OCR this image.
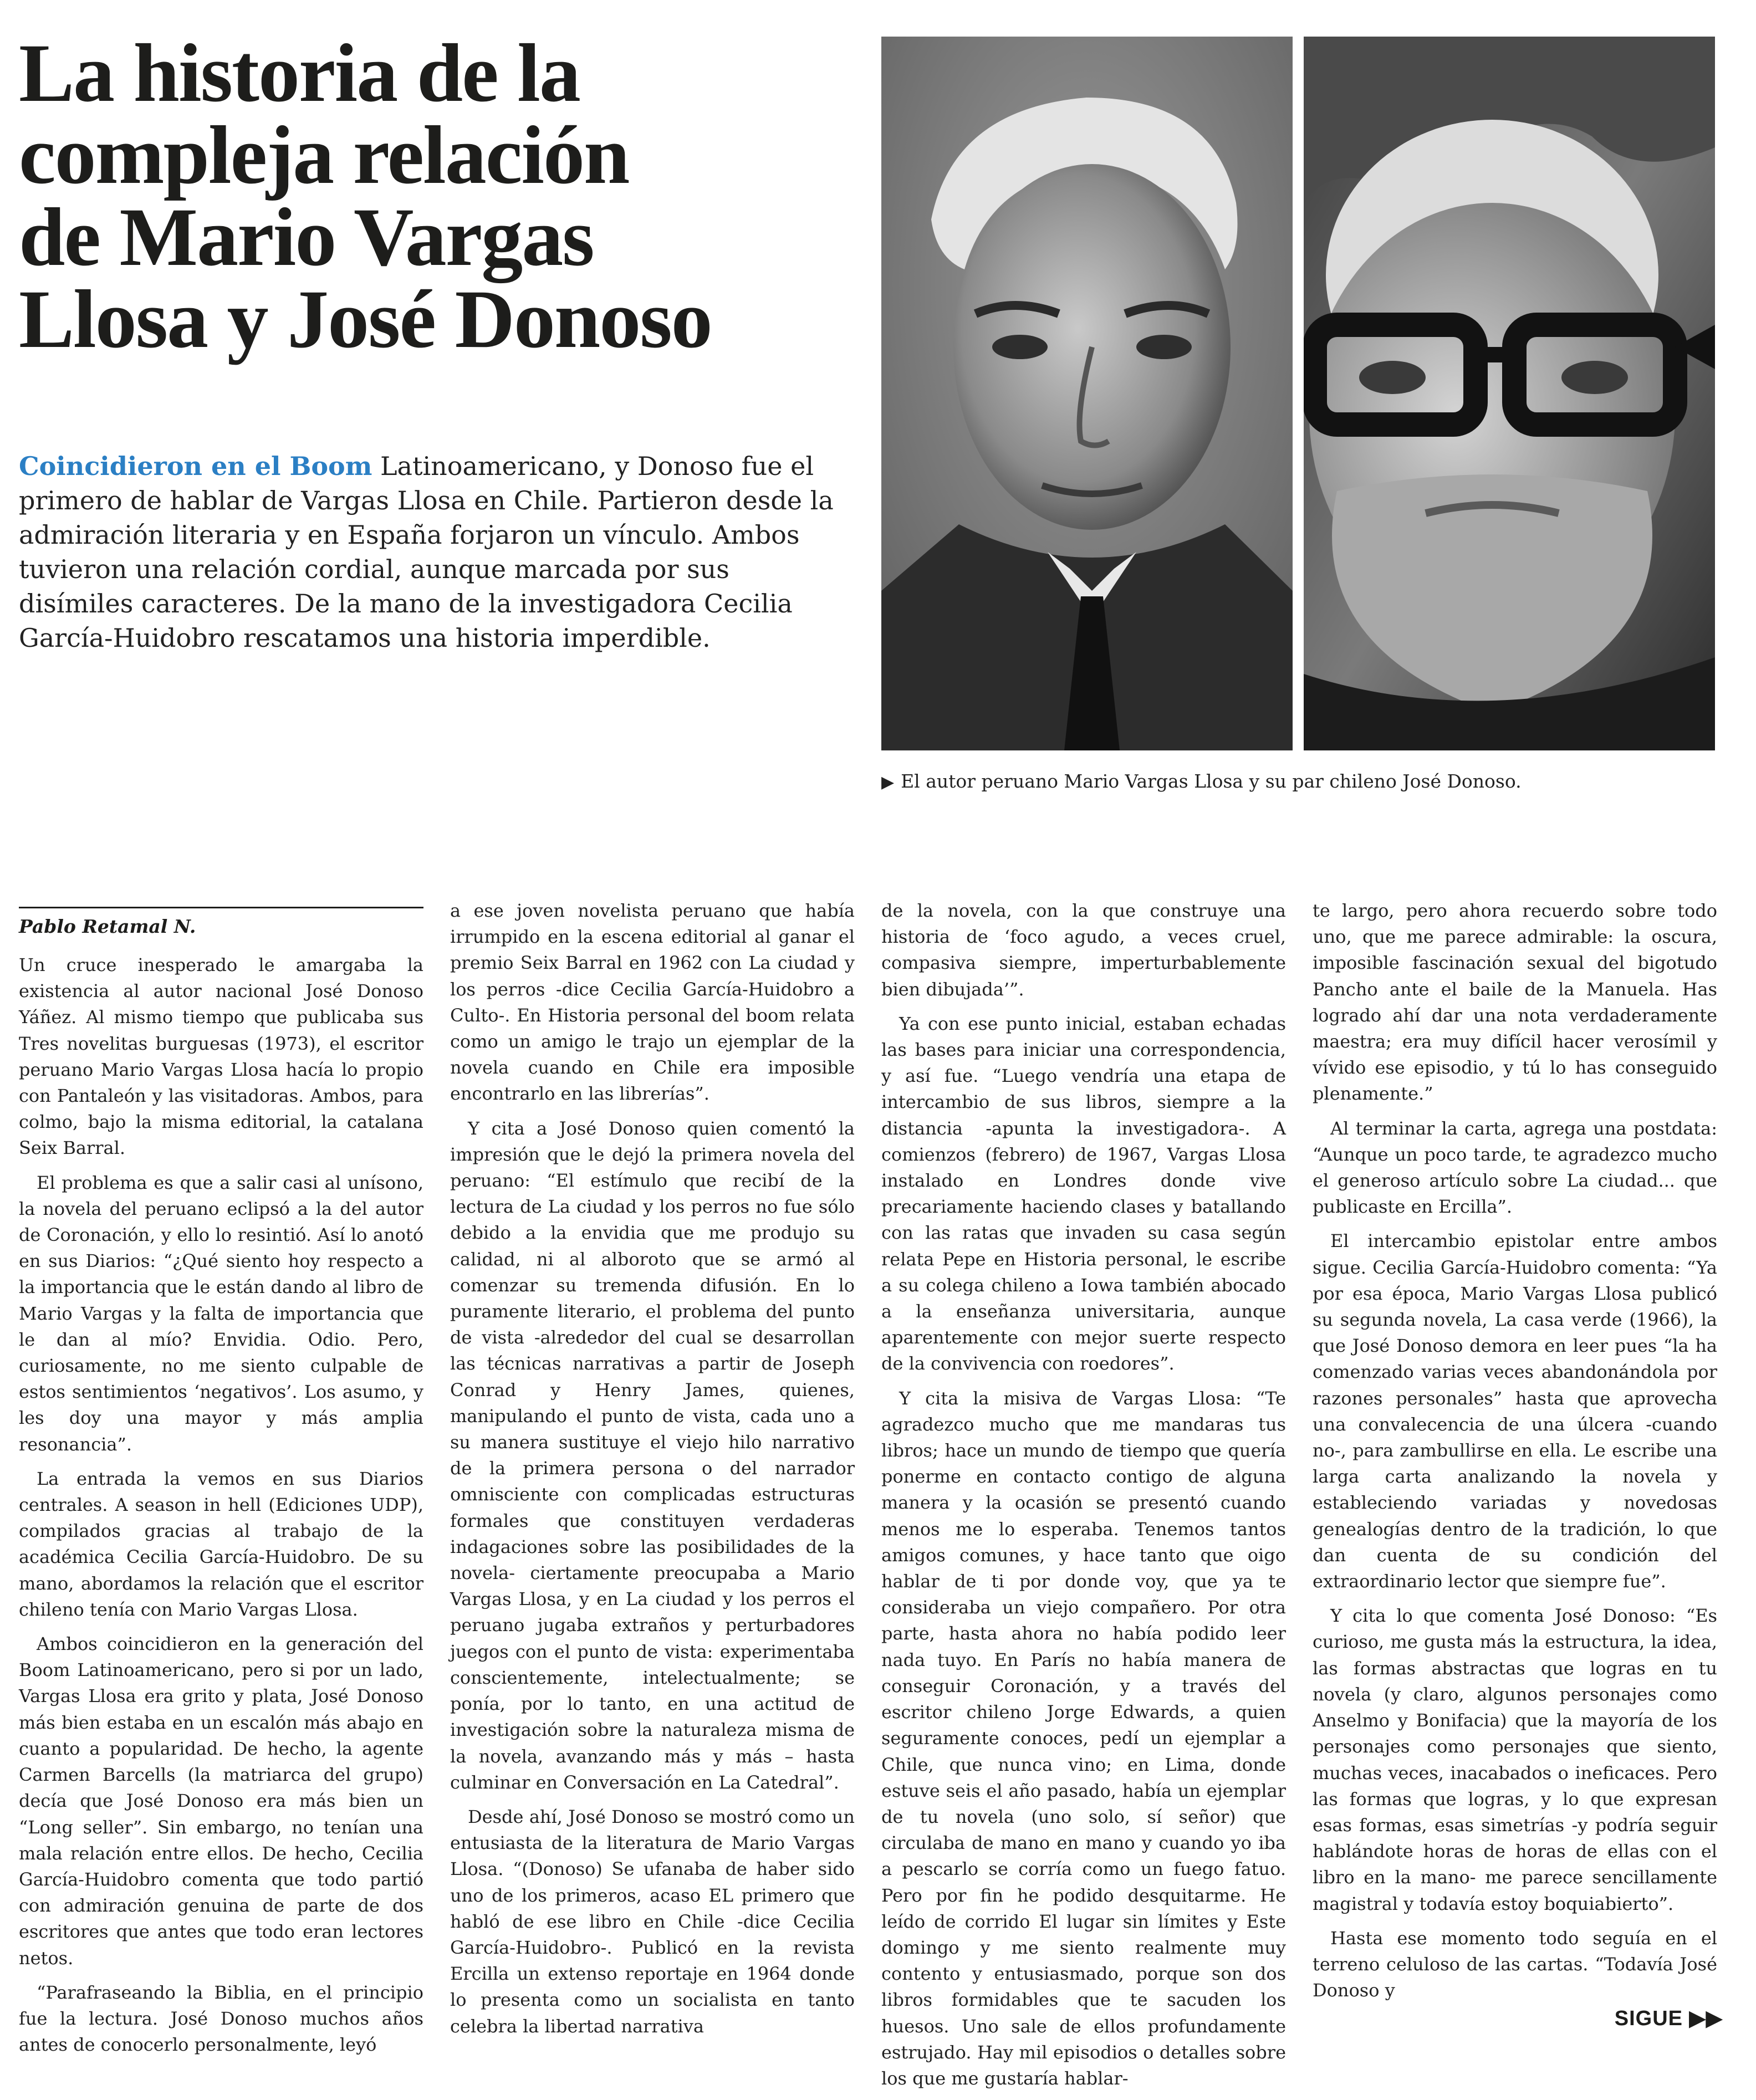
La historia de la
compleja relación
de Mario Vargas
Llosa y José Donoso
Coincidieron en el Boom Latinoamericano, y Donoso fue el
primero de hablar de Vargas Llosa en Chile. Partieron desde la
admiración literaria y en España forjaron un vínculo. Ambos
tuvieron una relación cordial, aunque marcada por sus
disímiles caracteres. De la mano de la investigadora Cecilia
García-Huidobro rescatamos una historia imperdible.
▶ El autor peruano Mario Vargas Llosa y su par chileno José Donoso.
Pablo Retamal N.

Un cruce inesperado le amargaba la existencia al autor nacional José Donoso Yáñez. Al mismo tiempo que publicaba sus Tres novelitas burguesas (1973), el escritor peruano Mario Vargas Llosa hacía lo propio con Pantaleón y las visitadoras. Ambos, para colmo, bajo la misma editorial, la catalana Seix Barral.

El problema es que a salir casi al unísono, la novela del peruano eclipsó a la del autor de Coronación, y ello lo resintió. Así lo anotó en sus Diarios: “¿Qué siento hoy respecto a la importancia que le están dando al libro de Mario Vargas y la falta de importancia que le dan al mío? Envidia. Odio. Pero, curiosamente, no me siento culpable de estos sentimientos ‘negativos’. Los asumo, y les doy una mayor y más amplia resonancia”.

La entrada la vemos en sus Diarios centrales. A season in hell (Ediciones UDP), compilados gracias al trabajo de la académica Cecilia García-Huidobro. De su mano, abordamos la relación que el escritor chileno tenía con Mario Vargas Llosa.

Ambos coincidieron en la generación del Boom Latinoamericano, pero si por un lado, Vargas Llosa era grito y plata, José Donoso más bien estaba en un escalón más abajo en cuanto a popularidad. De hecho, la agente Carmen Barcells (la matriarca del grupo) decía que José Donoso era más bien un “Long seller”. Sin embargo, no tenían una mala relación entre ellos. De hecho, Cecilia García-Huidobro comenta que todo partió con admiración genuina de parte de dos escritores que antes que todo eran lectores netos.

“Parafraseando la Biblia, en el principio fue la lectura. José Donoso muchos años antes de conocerlo personalmente, leyó

a ese joven novelista peruano que había irrumpido en la escena editorial al ganar el premio Seix Barral en 1962 con La ciudad y los perros -dice Cecilia García-Huidobro a Culto-. En Historia personal del boom relata como un amigo le trajo un ejemplar de la novela cuando en Chile era imposible encontrarlo en las librerías”.

Y cita a José Donoso quien comentó la impresión que le dejó la primera novela del peruano: “El estímulo que recibí de la lectura de La ciudad y los perros no fue sólo debido a la envidia que me produjo su calidad, ni al alboroto que se armó al comenzar su tremenda difusión. En lo puramente literario, el problema del punto de vista -alrededor del cual se desarrollan las técnicas narrativas a partir de Joseph Conrad y Henry James, quienes, manipulando el punto de vista, cada uno a su manera sustituye el viejo hilo narrativo de la primera persona o del narrador omnisciente con complicadas estructuras formales que constituyen verdaderas indagaciones sobre las posibilidades de la novela- ciertamente preocupaba a Mario Vargas Llosa, y en La ciudad y los perros el peruano jugaba extraños y perturbadores juegos con el punto de vista: experimentaba conscientemente, intelectualmente; se ponía, por lo tanto, en una actitud de investigación sobre la naturaleza misma de la novela, avanzando más y más – hasta culminar en Conversación en La Catedral”.

Desde ahí, José Donoso se mostró como un entusiasta de la literatura de Mario Vargas Llosa. “(Donoso) Se ufanaba de haber sido uno de los primeros, acaso EL primero que habló de ese libro en Chile -dice Cecilia García-Huidobro-. Publicó en la revista Ercilla un extenso reportaje en 1964 donde lo presenta como un socialista en tanto celebra la libertad narrativa

de la novela, con la que construye una historia de ‘foco agudo, a veces cruel, compasiva siempre, imperturbablemente bien dibujada’”.

Ya con ese punto inicial, estaban echadas las bases para iniciar una correspondencia, y así fue. “Luego vendría una etapa de intercambio de sus libros, siempre a la distancia -apunta la investigadora-. A comienzos (febrero) de 1967, Vargas Llosa instalado en Londres donde vive precariamente haciendo clases y batallando con las ratas que invaden su casa según relata Pepe en Historia personal, le escribe a su colega chileno a Iowa también abocado a la enseñanza universitaria, aunque aparentemente con mejor suerte respecto de la convivencia con roedores”.

Y cita la misiva de Vargas Llosa: “Te agradezco mucho que me mandaras tus libros; hace un mundo de tiempo que quería ponerme en contacto contigo de alguna manera y la ocasión se presentó cuando menos me lo esperaba. Tenemos tantos amigos comunes, y hace tanto que oigo hablar de ti por donde voy, que ya te consideraba un viejo compañero. Por otra parte, hasta ahora no había podido leer nada tuyo. En París no había manera de conseguir Coronación, y a través del escritor chileno Jorge Edwards, a quien seguramente conoces, pedí un ejemplar a Chile, que nunca vino; en Lima, donde estuve seis el año pasado, había un ejemplar de tu novela (uno solo, sí señor) que circulaba de mano en mano y cuando yo iba a pescarlo se corría como un fuego fatuo. Pero por fin he podido desquitarme. He leído de corrido El lugar sin límites y Este domingo y me siento realmente muy contento y entusiasmado, porque son dos libros formidables que te sacuden los huesos. Uno sale de ellos profundamente estrujado. Hay mil episodios o detalles sobre los que me gustaría hablar-

te largo, pero ahora recuerdo sobre todo uno, que me parece admirable: la oscura, imposible fascinación sexual del bigotudo Pancho ante el baile de la Manuela. Has logrado ahí dar una nota verdaderamente maestra; era muy difícil hacer verosímil y vívido ese episodio, y tú lo has conseguido plenamente.”

Al terminar la carta, agrega una postdata: “Aunque un poco tarde, te agradezco mucho el generoso artículo sobre La ciudad... que publicaste en Ercilla”.

El intercambio epistolar entre ambos sigue. Cecilia García-Huidobro comenta: “Ya por esa época, Mario Vargas Llosa publicó su segunda novela, La casa verde (1966), la que José Donoso demora en leer pues “la ha comenzado varias veces abandonándola por razones personales” hasta que aprovecha una convalecencia de una úlcera -cuando no-, para zambullirse en ella. Le escribe una larga carta analizando la novela y estableciendo variadas y novedosas genealogías dentro de la tradición, lo que dan cuenta de su condición del extraordinario lector que siempre fue”.

Y cita lo que comenta José Donoso: “Es curioso, me gusta más la estructura, la idea, las formas abstractas que logras en tu novela (y claro, algunos personajes como Anselmo y Bonifacia) que la mayoría de los personajes como personajes que siento, muchas veces, inacabados o ineficaces. Pero las formas que logras, y lo que expresan esas formas, esas simetrías -y podría seguir hablándote horas de horas de ellas con el libro en la mano- me parece sencillamente magistral y todavía estoy boquiabierto”.

Hasta ese momento todo seguía en el terreno celuloso de las cartas. “Todavía José Donoso y

SIGUE ▶▶
